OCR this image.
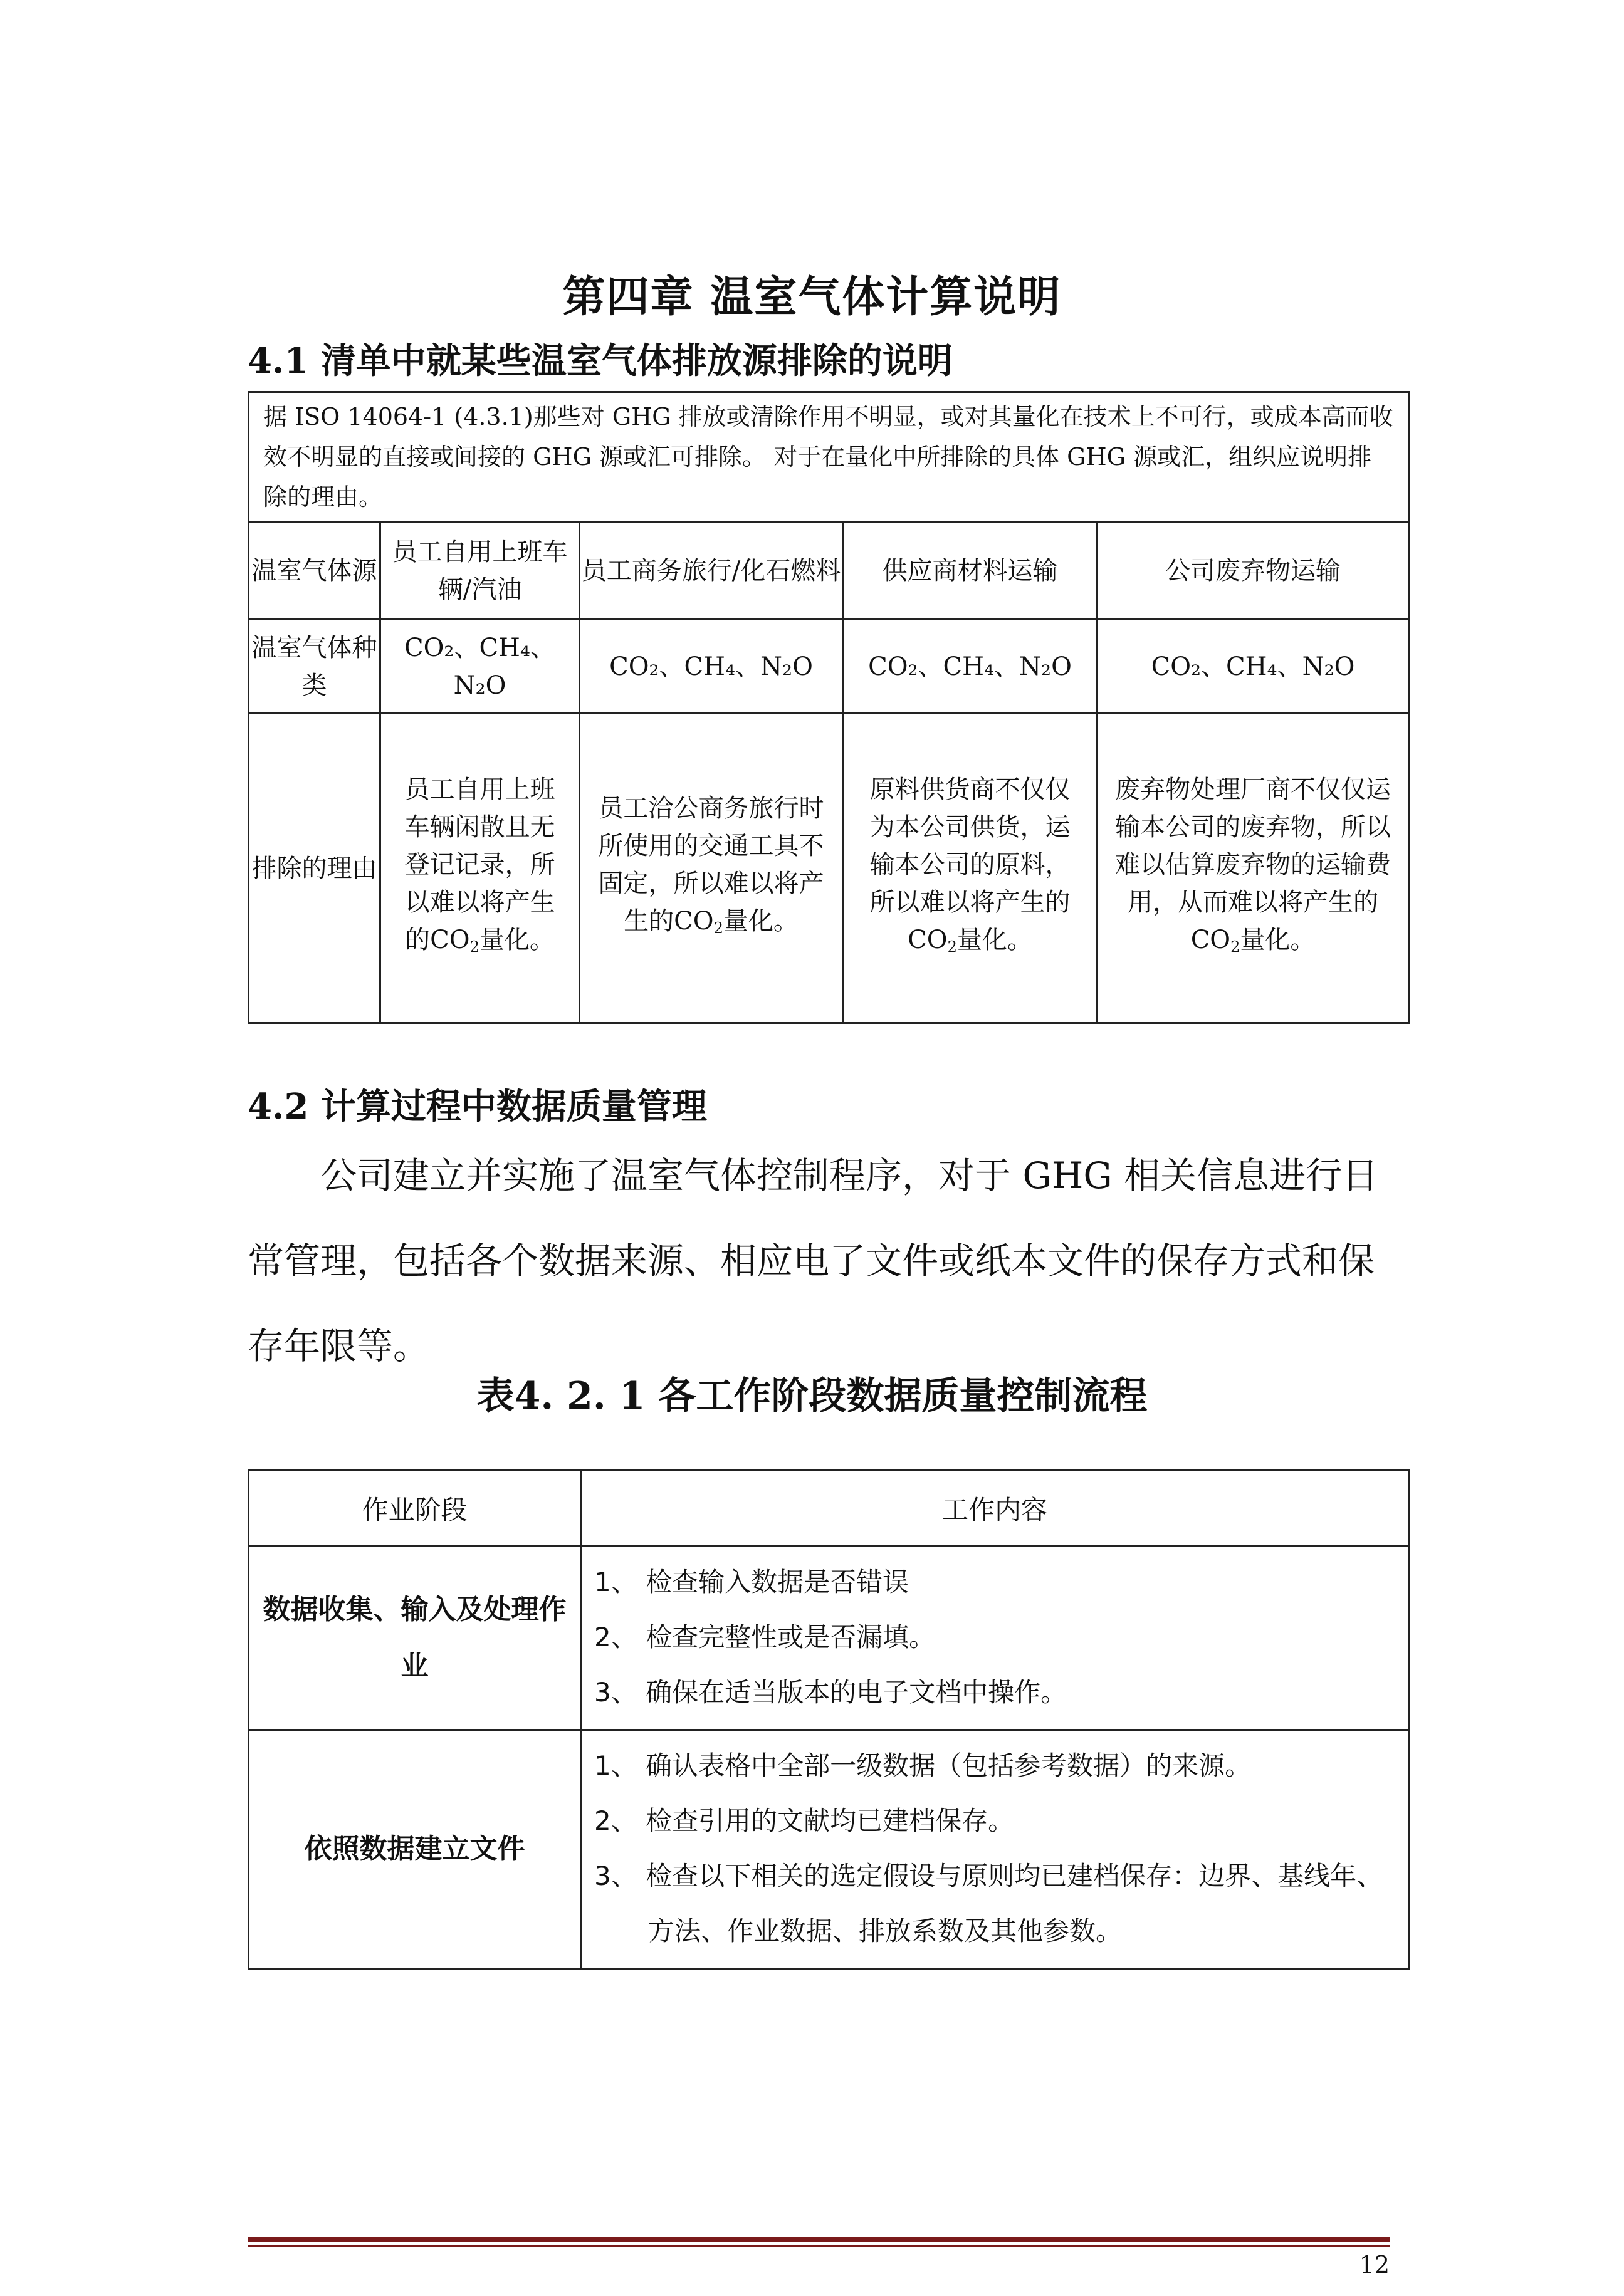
第四章 温室气体计算说明
4.1 清单中就某些温室气体排放源排除的说明
据 ISO 14064-1 (4.3.1)那些对 GHG 排放或清除作用不明显，或对其量化在技术上不可行，或成本高而收效不明显的直接或间接的 GHG 源或汇可排除。 对于在量化中所排除的具体 GHG 源或汇，组织应说明排除的理由。				
温室气体源	员工自用上班车辆/汽油	员工商务旅行/化石燃料	供应商材料运输	公司废弃物运输
温室气体种类	CO₂、CH₄、N₂O	CO₂、CH₄、N₂O	CO₂、CH₄、N₂O	CO₂、CH₄、N₂O
排除的理由	员工自用上班车辆闲散且无登记记录，所以难以将产生的$CO_2$量化。	员工洽公商务旅行时所使用的交通工具不固定，所以难以将产生的$CO_2$量化。	原料供货商不仅仅为本公司供货，运输本公司的原料，所以难以将产生的$CO_2$量化。	废弃物处理厂商不仅仅运输本公司的废弃物，所以难以估算废弃物的运输费用，从而难以将产生的$CO_2$量化。
4.2 计算过程中数据质量管理
公司建立并实施了温室气体控制程序，对于 GHG 相关信息进行日常管理，包括各个数据来源、相应电了文件或纸本文件的保存方式和保存年限等。
表4. 2. 1 各工作阶段数据质量控制流程
作业阶段	工作内容
数据收集、输入及处理作业	1、 检查输入数据是否错误
2、 检查完整性或是否漏填。
3、 确保在适当版本的电子文档中操作。

依照数据建立文件	1、 确认表格中全部一级数据（包括参考数据）的来源。
2、 检查引用的文献均已建档保存。
3、 检查以下相关的选定假设与原则均已建档保存：边界、基线年、方法、作业数据、排放系数及其他参数。
12
